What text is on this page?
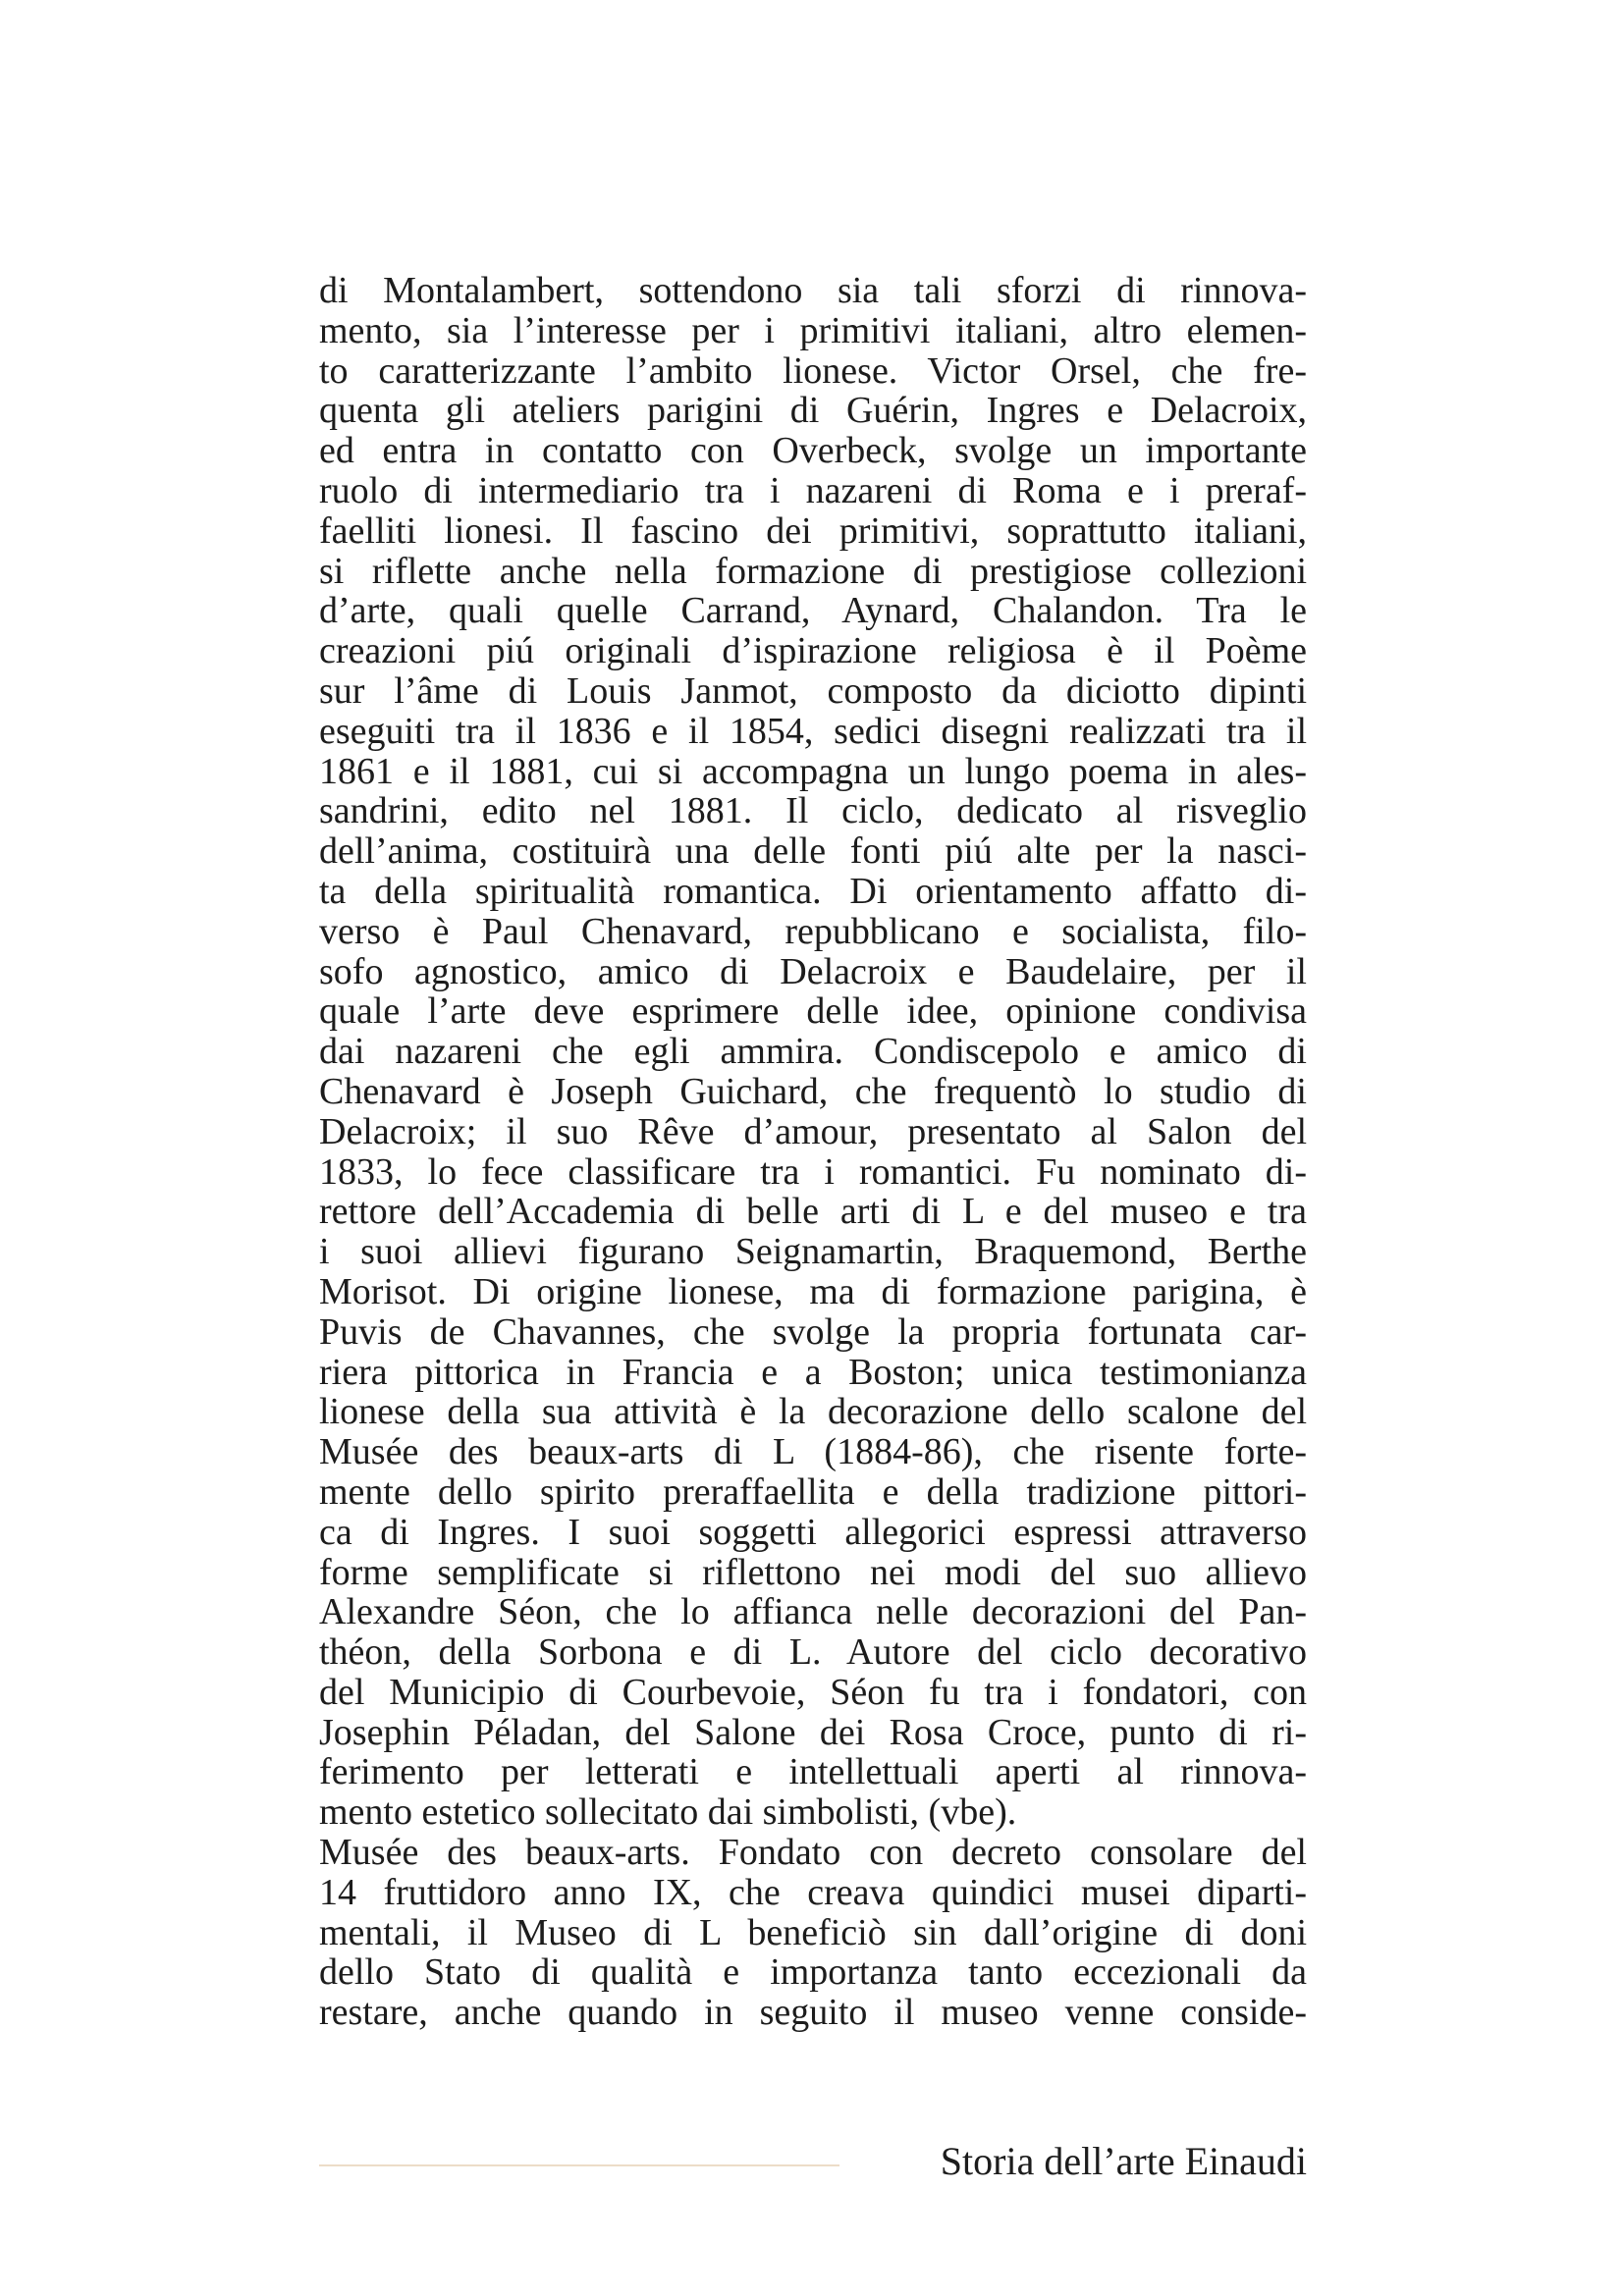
di Montalambert, sottendono sia tali sforzi di rinnova-
mento, sia l’interesse per i primitivi italiani, altro elemen-
to caratterizzante l’ambito lionese. Victor Orsel, che fre-
quenta gli ateliers parigini di Guérin, Ingres e Delacroix,
ed entra in contatto con Overbeck, svolge un importante
ruolo di intermediario tra i nazareni di Roma e i preraf-
faelliti lionesi. Il fascino dei primitivi, soprattutto italiani,
si riflette anche nella formazione di prestigiose collezioni
d’arte, quali quelle Carrand, Aynard, Chalandon. Tra le
creazioni piú originali d’ispirazione religiosa è il Poème
sur l’âme di Louis Janmot, composto da diciotto dipinti
eseguiti tra il 1836 e il 1854, sedici disegni realizzati tra il
1861 e il 1881, cui si accompagna un lungo poema in ales-
sandrini, edito nel 1881. Il ciclo, dedicato al risveglio
dell’anima, costituirà una delle fonti piú alte per la nasci-
ta della spiritualità romantica. Di orientamento affatto di-
verso è Paul Chenavard, repubblicano e socialista, filo-
sofo agnostico, amico di Delacroix e Baudelaire, per il
quale l’arte deve esprimere delle idee, opinione condivisa
dai nazareni che egli ammira. Condiscepolo e amico di
Chenavard è Joseph Guichard, che frequentò lo studio di
Delacroix; il suo Rêve d’amour, presentato al Salon del
1833, lo fece classificare tra i romantici. Fu nominato di-
rettore dell’Accademia di belle arti di L e del museo e tra
i suoi allievi figurano Seignamartin, Braquemond, Berthe
Morisot. Di origine lionese, ma di formazione parigina, è
Puvis de Chavannes, che svolge la propria fortunata car-
riera pittorica in Francia e a Boston; unica testimonianza
lionese della sua attività è la decorazione dello scalone del
Musée des beaux-arts di L (1884-86), che risente forte-
mente dello spirito preraffaellita e della tradizione pittori-
ca di Ingres. I suoi soggetti allegorici espressi attraverso
forme semplificate si riflettono nei modi del suo allievo
Alexandre Séon, che lo affianca nelle decorazioni del Pan-
théon, della Sorbona e di L. Autore del ciclo decorativo
del Municipio di Courbevoie, Séon fu tra i fondatori, con
Josephin Péladan, del Salone dei Rosa Croce, punto di ri-
ferimento per letterati e intellettuali aperti al rinnova-
mento estetico sollecitato dai simbolisti, (vbe).
Musée des beaux-arts. Fondato con decreto consolare del
14 fruttidoro anno IX, che creava quindici musei diparti-
mentali, il Museo di L beneficiò sin dall’origine di doni
dello Stato di qualità e importanza tanto eccezionali da
restare, anche quando in seguito il museo venne conside-
Storia dell’arte Einaudi
